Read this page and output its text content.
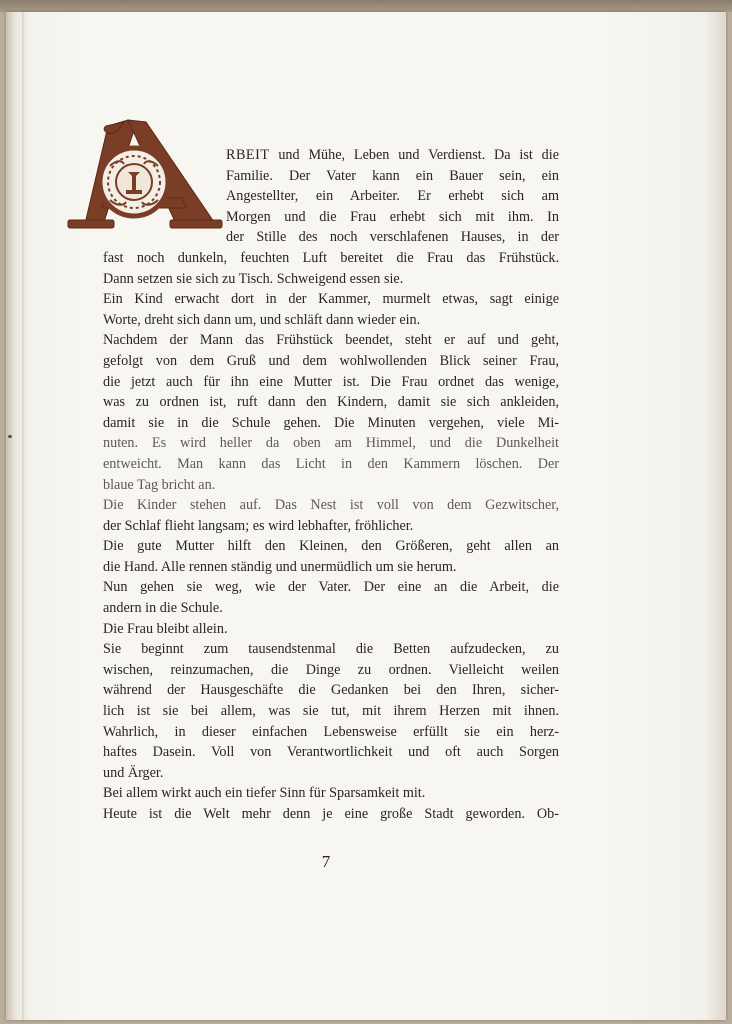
RBEIT und Mühe, Leben und Verdienst. Da ist die
Familie. Der Vater kann ein Bauer sein, ein
Angestellter, ein Arbeiter. Er erhebt sich am
Morgen und die Frau erhebt sich mit ihm. In
der Stille des noch verschlafenen Hauses, in der
fast noch dunkeln, feuchten Luft bereitet die Frau das Frühstück.
Dann setzen sie sich zu Tisch. Schweigend essen sie.
Ein Kind erwacht dort in der Kammer, murmelt etwas, sagt einige
Worte, dreht sich dann um, und schläft dann wieder ein.
Nachdem der Mann das Frühstück beendet, steht er auf und geht,
gefolgt von dem Gruß und dem wohlwollenden Blick seiner Frau,
die jetzt auch für ihn eine Mutter ist. Die Frau ordnet das wenige,
was zu ordnen ist, ruft dann den Kindern, damit sie sich ankleiden,
damit sie in die Schule gehen. Die Minuten vergehen, viele Mi-
nuten. Es wird heller da oben am Himmel, und die Dunkelheit
entweicht. Man kann das Licht in den Kammern löschen. Der
blaue Tag bricht an.
Die Kinder stehen auf. Das Nest ist voll von dem Gezwitscher,
der Schlaf flieht langsam; es wird lebhafter, fröhlicher.
Die gute Mutter hilft den Kleinen, den Größeren, geht allen an
die Hand. Alle rennen ständig und unermüdlich um sie herum.
Nun gehen sie weg, wie der Vater. Der eine an die Arbeit, die
andern in die Schule.
Die Frau bleibt allein.
Sie beginnt zum tausendstenmal die Betten aufzudecken, zu
wischen, reinzumachen, die Dinge zu ordnen. Vielleicht weilen
während der Hausgeschäfte die Gedanken bei den Ihren, sicher-
lich ist sie bei allem, was sie tut, mit ihrem Herzen mit ihnen.
Wahrlich, in dieser einfachen Lebensweise erfüllt sie ein herz-
haftes Dasein. Voll von Verantwortlichkeit und oft auch Sorgen
und Ärger.
Bei allem wirkt auch ein tiefer Sinn für Sparsamkeit mit.
Heute ist die Welt mehr denn je eine große Stadt geworden. Ob-
7
